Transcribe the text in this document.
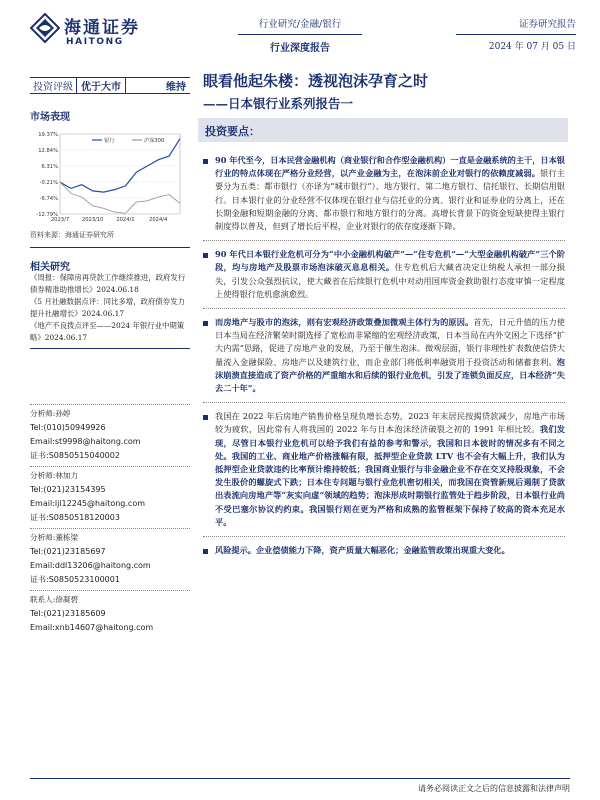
海通证券
HAITONG
行业研究/金融/银行
行业深度报告
证券研究报告
2024 年 07 月 05 日
投资评级 优于大市	维持
市场表现
19.37%
12.84%
6.31%
-0.21%
-6.74%
-12.79%
2023/7 2023/10 2024/1	2024/4
银行	沪深300
资料来源：海通证券研究所
相关研究
《周报：保障房再贷款工作继续推进，政府发行债券精准助推增长》2024.06.18
《5 月社融数据点评：同比多增，政府债券发力提升社融增长》2024.06.17
《地产不良拨点评至——2024 年银行业中期策略》2024.06.17
分析师:孙婷
Tel:(010)50949926
Email:st9998@haitong.com
证书:S0850515040002
分析师:林加力
Tel:(021)23154395
Email:ljl12245@haitong.com
证书:S0850518120003
分析师:董栋梁
Tel:(021)23185697
Email:ddl13206@haitong.com
证书:S0850523100001
联系人:徐凝碧
Tel:(021)23185609
Email:xnb14607@haitong.com
眼看他起朱楼：透视泡沫孕育之时
——日本银行业系列报告一
投资要点：
90 年代至今，日本民营金融机构（商业银行和合作型金融机构）一直是金融系统的主干，日本银行业的特点体现在严格分业经营，以产业金融为主，在泡沫前企业对银行的依赖度减弱。银行主要分为五类：都市银行（亦译为“城市银行”）、地方银行、第二地方银行、信托银行、长期信用银行。日本银行业的分业经营不仅体现在银行业与信托业的分离、银行业和证券业的分离上，还在长期金融和短期金融的分离、都市银行和地方银行的分离。高增长背景下的资金短缺使得主银行制度得以普及，但到了增长后平程，企业对银行的依存度逐渐下降。
90 年代日本银行业危机可分为“中小金融机构破产”—“住专危机”—“大型金融机构破产”三个阶段，均与房地产及股票市场泡沫破灭息息相关。住专危机后大藏省决定让纳税人承担一部分损失，引发公众强烈抗议，使大藏省在后续银行危机中对动用国库资金救助银行态度审慎一定程度上使得银行危机愈演愈烈。
而房地产与股市的泡沫，则有宏观经济政策叠加微观主体行为的原因。首先，日元升值的压力使日本当局在经济繁荣时期选择了宽松而非紧缩的宏观经济政策，日本当局在内外交困之下选择“扩大内需”思路，促进了房地产业的发展，乃至于催生泡沫。微观层面，银行非理性扩表数使信贷大量流入金融保险、房地产以及建筑行业，而企业部门将低利率融资用于投资活动和储蓄套利。泡沫崩溃直接造成了资产价格的严重缩水和后续的银行业危机，引发了连锁负面反应，日本经济“失去二十年”。
我国在 2022 年后房地产销售价格呈现负增长态势，2023 年末居民按揭贷款减少，房地产市场较为疲软，因此常有人将我国的 2022 年与日本泡沫经济破裂之初的 1991 年相比较。我们发现，尽管日本银行业危机可以给予我们有益的参考和警示，我国和日本彼时的情况多有不同之处。我国的工业、商业地产价格涨幅有限，抵押型企业贷款 LTV 也不会有大幅上升，我们认为抵押型企业贷款违约比率预计维持较低；我国商业银行与非金融企业不存在交叉持股现象，不会发生股价的螺旋式下跌；日本住专问题与银行业危机密切相关，而我国在资管新规后遏制了贷款出表流向房地产等“灰实向虚”领域的趋势；泡沫形成时期银行监管处于趋步阶段，日本银行业尚不受巴塞尔协议约约束。我国银行则在更为严格和成熟的监管框架下保持了较高的资本充足水平。
风险提示。企业偿债能力下降，资产质量大幅恶化；金融监管政策出现重大变化。
请务必阅读正文之后的信息披露和法律声明
